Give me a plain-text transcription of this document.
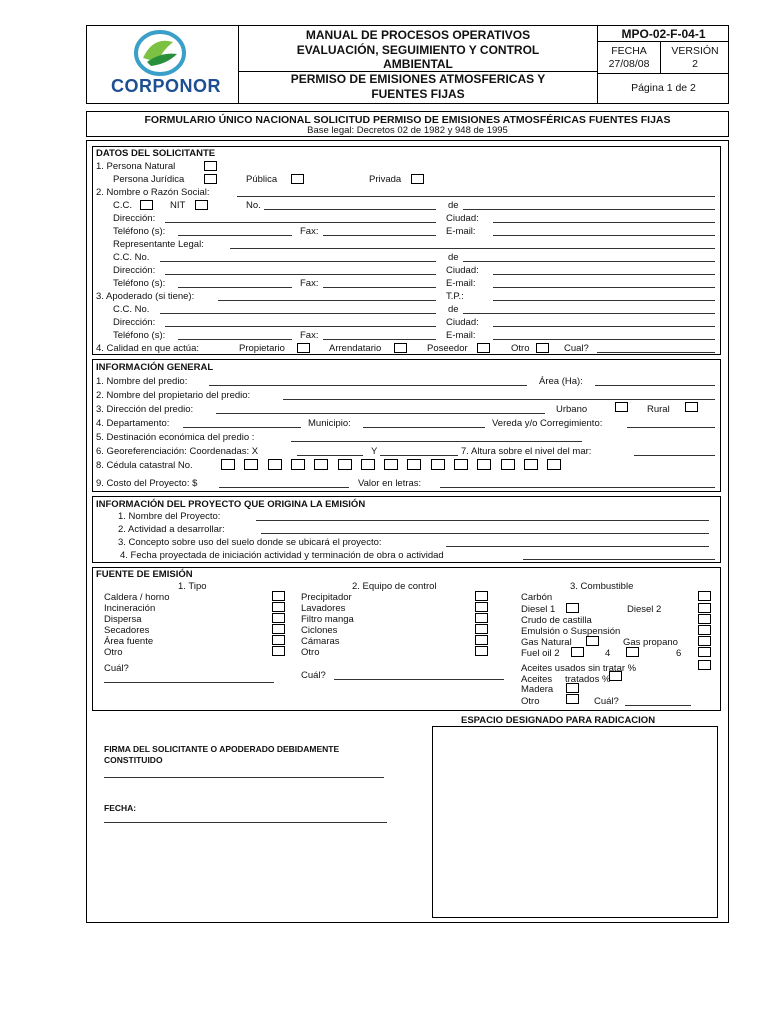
CORPONOR
MANUAL DE PROCESOS OPERATIVOS
EVALUACIÓN, SEGUIMIENTO Y CONTROL
AMBIENTAL
PERMISO DE EMISIONES ATMOSFERICAS Y
FUENTES FIJAS
MPO-02-F-04-1
FECHA
27/08/08
VERSIÓN
2
Página 1 de 2
FORMULARIO ÚNICO NACIONAL SOLICITUD PERMISO DE EMISIONES ATMOSFÉRICAS FUENTES FIJAS
Base legal: Decretos 02 de 1982 y 948 de 1995
DATOS DEL SOLICITANTE
1. Persona Natural
Persona Jurídica	Pública	Privada
2. Nombre o Razón Social:
C.C.	NIT	No.	de
Dirección:	Ciudad:
Teléfono (s):	Fax:	E-mail:
Representante Legal:
C.C. No.	de
Dirección:	Ciudad:
Teléfono (s):	Fax:	E-mail:
3. Apoderado (si tiene):	T.P.:
C.C. No.	de
Dirección:	Ciudad:
Teléfono (s):	Fax:	E-mail:
4. Calidad en que actúa:	Propietario	Arrendatario	Poseedor	Otro	Cual?
INFORMACIÓN GENERAL
1. Nombre del predio:	Área (Ha):
2. Nombre del propietario del predio:
3. Dirección del predio:	Urbano	Rural
4. Departamento:	Municipio:	Vereda y/o Corregimiento:
5. Destinación económica del predio :
6. Georeferenciación: Coordenadas: X	Y	7. Altura sobre el nivel del mar:
8. Cédula catastral No.
9. Costo del Proyecto: $	Valor en letras:
INFORMACIÓN DEL PROYECTO QUE ORIGINA LA EMISIÓN
1. Nombre del Proyecto:
2. Actividad a desarrollar:
3. Concepto sobre uso del suelo donde se ubicará el proyecto:
4. Fecha proyectada de iniciación actividad y terminación de obra o actividad
FUENTE DE EMISIÓN
1. Tipo
Caldera / horno
Incineración
Dispersa
Secadores
Área fuente
Otro
Cuál?
2. Equipo de control
Precipitador
Lavadores
Filtro manga
Ciclones
Cámaras
Otro
Cuál?
3. Combustible
Carbón
Diesel 1	Diesel 2
Crudo de castilla
Emulsión o Suspensión
Gas Natural	Gas propano
Fuel oil 2	4	6
Aceites usados sin tratar %
Aceites tratados %
Madera
Otro	Cuál?
ESPACIO DESIGNADO PARA RADICACION
FIRMA DEL SOLICITANTE O APODERADO DEBIDAMENTE
CONSTITUIDO
FECHA:
